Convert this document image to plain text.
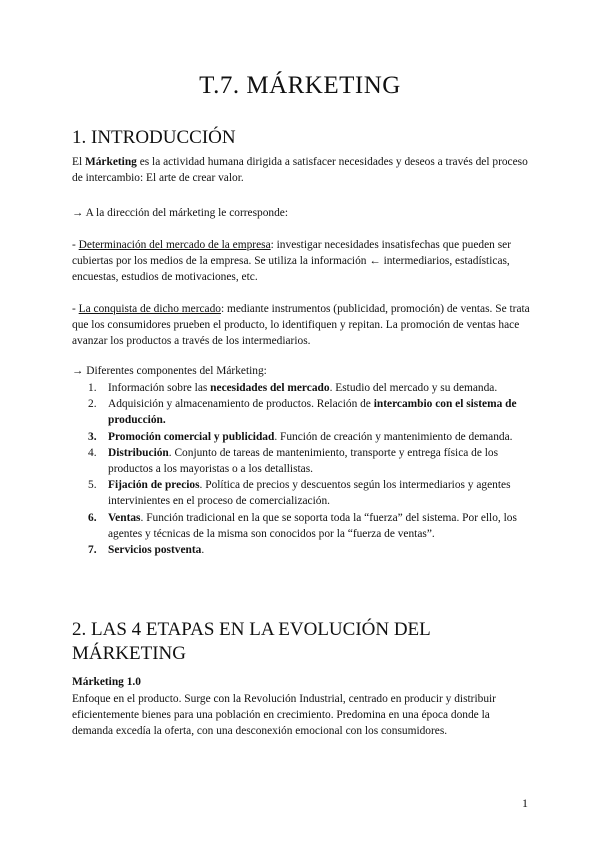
T.7. MÁRKETING
1. INTRODUCCIÓN
El Márketing es la actividad humana dirigida a satisfacer necesidades y deseos a través del proceso de intercambio: El arte de crear valor.
→ A la dirección del márketing le corresponde:
- Determinación del mercado de la empresa: investigar necesidades insatisfechas que pueden ser cubiertas por los medios de la empresa. Se utiliza la información ← intermediarios, estadísticas, encuestas, estudios de motivaciones, etc.
- La conquista de dicho mercado: mediante instrumentos (publicidad, promoción) de ventas. Se trata que los consumidores prueben el producto, lo identifiquen y repitan. La promoción de ventas hace avanzar los productos a través de los intermediarios.
→ Diferentes componentes del Márketing:
1.	Información sobre las necesidades del mercado. Estudio del mercado y su demanda.
2.	Adquisición y almacenamiento de productos. Relación de intercambio con el sistema de producción.
3.	Promoción comercial y publicidad. Función de creación y mantenimiento de demanda.
4.	Distribución. Conjunto de tareas de mantenimiento, transporte y entrega física de los productos a los mayoristas o a los detallistas.
5.	Fijación de precios. Política de precios y descuentos según los intermediarios y agentes intervinientes en el proceso de comercialización.
6.	Ventas. Función tradicional en la que se soporta toda la “fuerza” del sistema. Por ello, los agentes y técnicas de la misma son conocidos por la “fuerza de ventas”.
7.	Servicios postventa.
2. LAS 4 ETAPAS EN LA EVOLUCIÓN DEL MÁRKETING
Márketing 1.0
Enfoque en el producto. Surge con la Revolución Industrial, centrado en producir y distribuir eficientemente bienes para una población en crecimiento. Predomina en una época donde la demanda excedía la oferta, con una desconexión emocional con los consumidores.
1
